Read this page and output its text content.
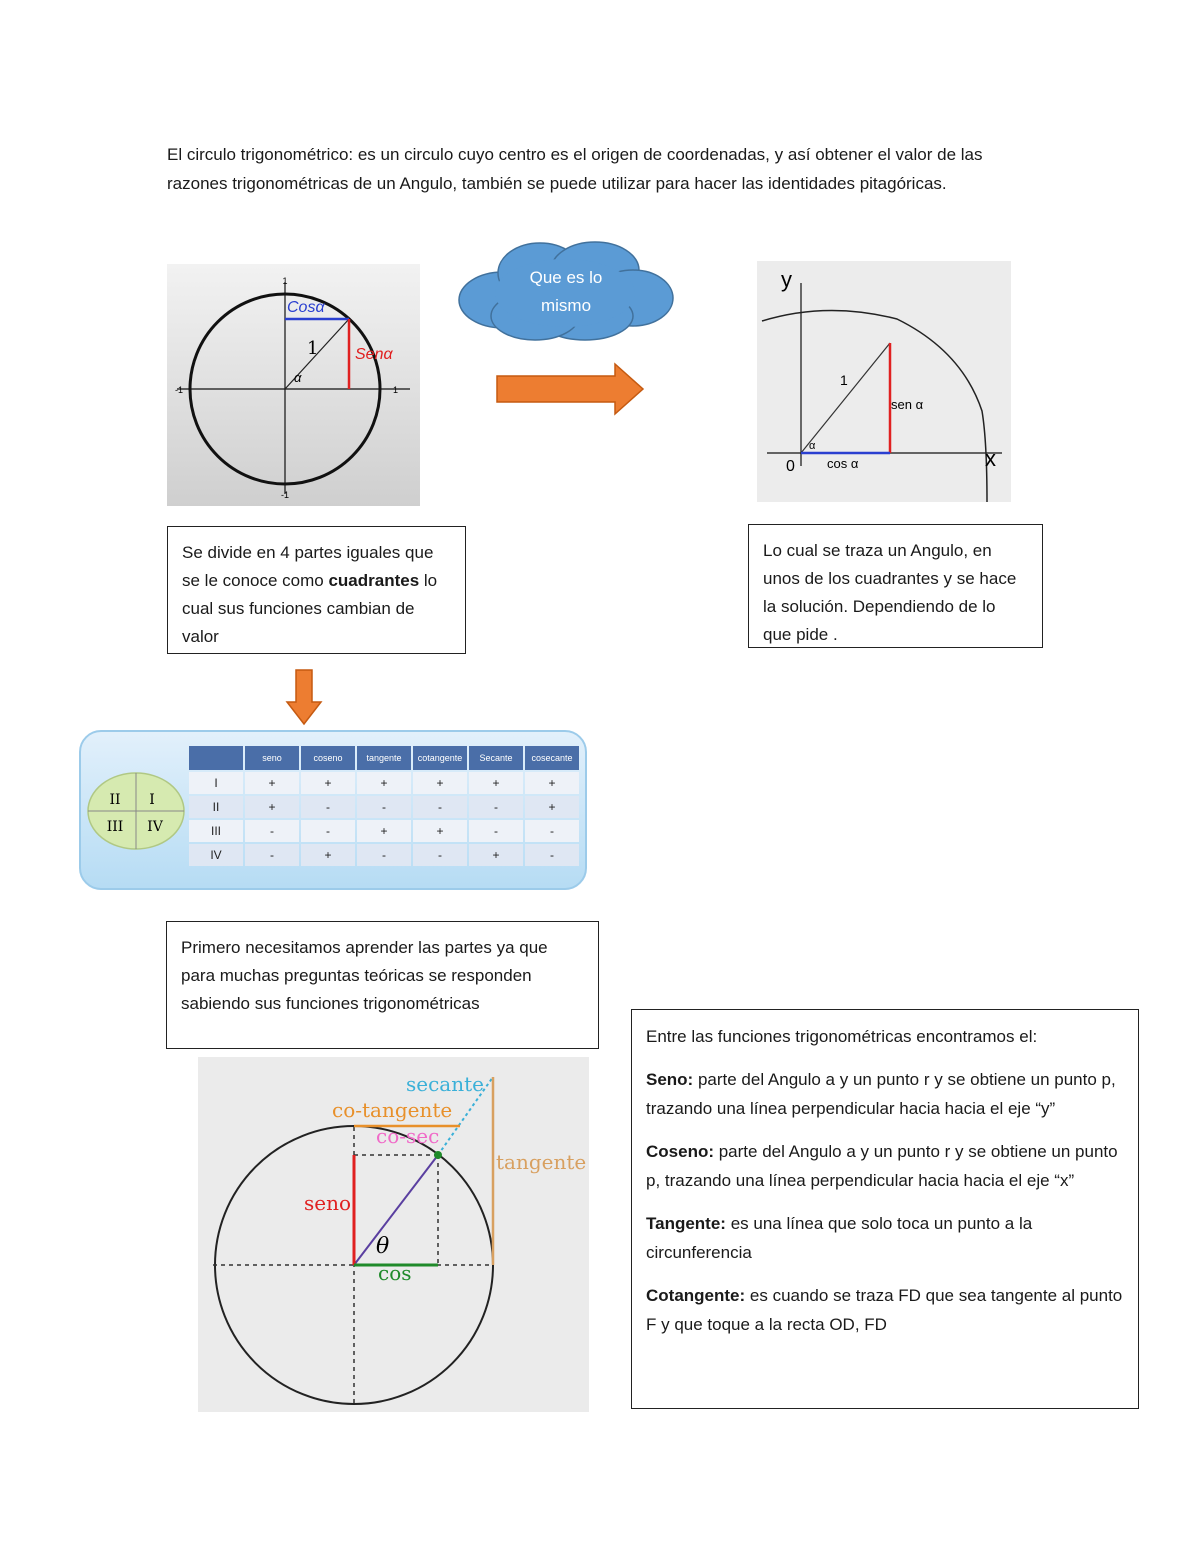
El circulo trigonométrico: es un circulo cuyo centro es el origen de coordenadas, y así obtener el valor de las razones trigonométricas de un Angulo, también se puede utilizar para hacer las identidades pitagóricas.
1
-1	1
-1
1
Cosα
Senα
α
Que es lo
mismo
y
x
0
1
sen α
cos α
α
Se divide en 4 partes iguales que se le conoce como cuadrantes lo cual sus funciones cambian de valor
Lo cual se traza un Angulo, en unos de los cuadrantes y se hace la solución. Dependiendo de lo que pide .
II I
III IV
	seno	coseno	tangente	cotangente	Secante	cosecante
I	+	+	+	+	+	+
II	+	-	-	-	-	+
III	-	-	+	+	-	-
IV	-	+	-	-	+	-
Primero necesitamos aprender las partes ya que para muchas preguntas teóricas se responden sabiendo sus funciones trigonométricas
secante
co-tangente
co-sec
tangente
seno
cos
θ

Entre las funciones trigonométricas encontramos el:

Seno: parte del Angulo a y un punto r y se obtiene un punto p, trazando una línea perpendicular hacia hacia el eje “y”

Coseno: parte del Angulo a y un punto r y se obtiene un punto p, trazando una línea perpendicular hacia hacia el eje “x”

Tangente: es una línea que solo toca un punto a la circunferencia

Cotangente: es cuando se traza FD que sea tangente al punto F y que toque a la recta OD, FD
